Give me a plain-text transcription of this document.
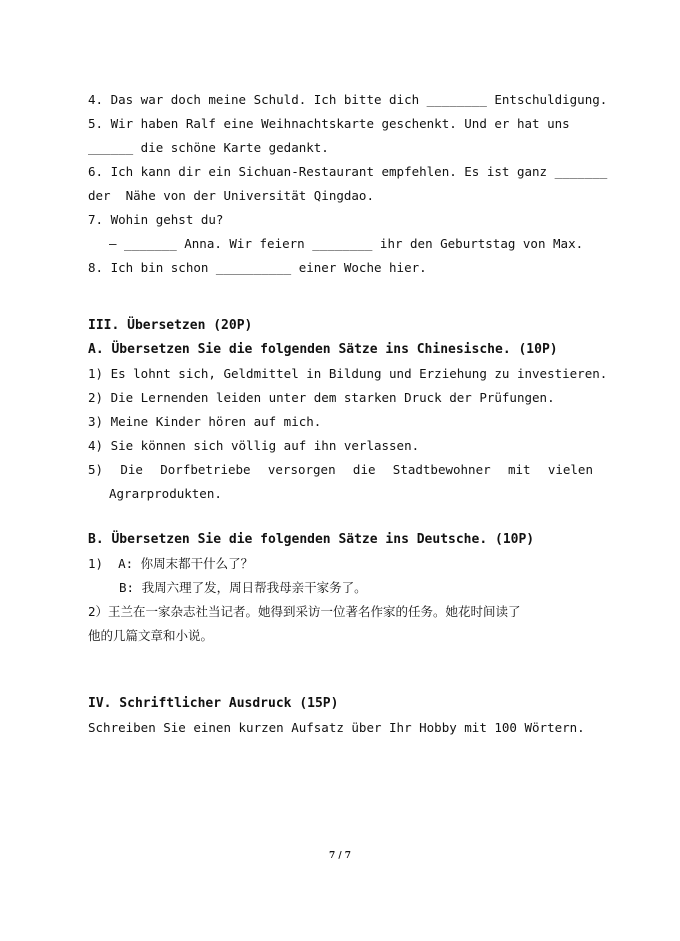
4. Das war doch meine Schuld. Ich bitte dich ________ Entschuldigung.
5. Wir haben Ralf eine Weihnachtskarte geschenkt. Und er hat uns
______ die schöne Karte gedankt.
6. Ich kann dir ein Sichuan-Restaurant empfehlen. Es ist ganz _______
der  Nähe von der Universität Qingdao.
7. Wohin gehst du?
— _______ Anna. Wir feiern ________ ihr den Geburtstag von Max.
8. Ich bin schon __________ einer Woche hier.
III. Übersetzen (20P)
A. Übersetzen Sie die folgenden Sätze ins Chinesische. (10P)
1) Es lohnt sich, Geldmittel in Bildung und Erziehung zu investieren.
2) Die Lernenden leiden unter dem starken Druck der Prüfungen.
3) Meine Kinder hören auf mich.
4) Sie können sich völlig auf ihn verlassen.
5) Die Dorfbetriebe versorgen die Stadtbewohner mit vielen
Agrarprodukten.
B. Übersetzen Sie die folgenden Sätze ins Deutsche. (10P)
1)  A: 你周末都干什么了？
B: 我周六理了发，周日帮我母亲干家务了。
2）王兰在一家杂志社当记者。她得到采访一位著名作家的任务。她花时间读了
他的几篇文章和小说。
IV. Schriftlicher Ausdruck (15P)
Schreiben Sie einen kurzen Aufsatz über Ihr Hobby mit 100 Wörtern.
7 / 7
